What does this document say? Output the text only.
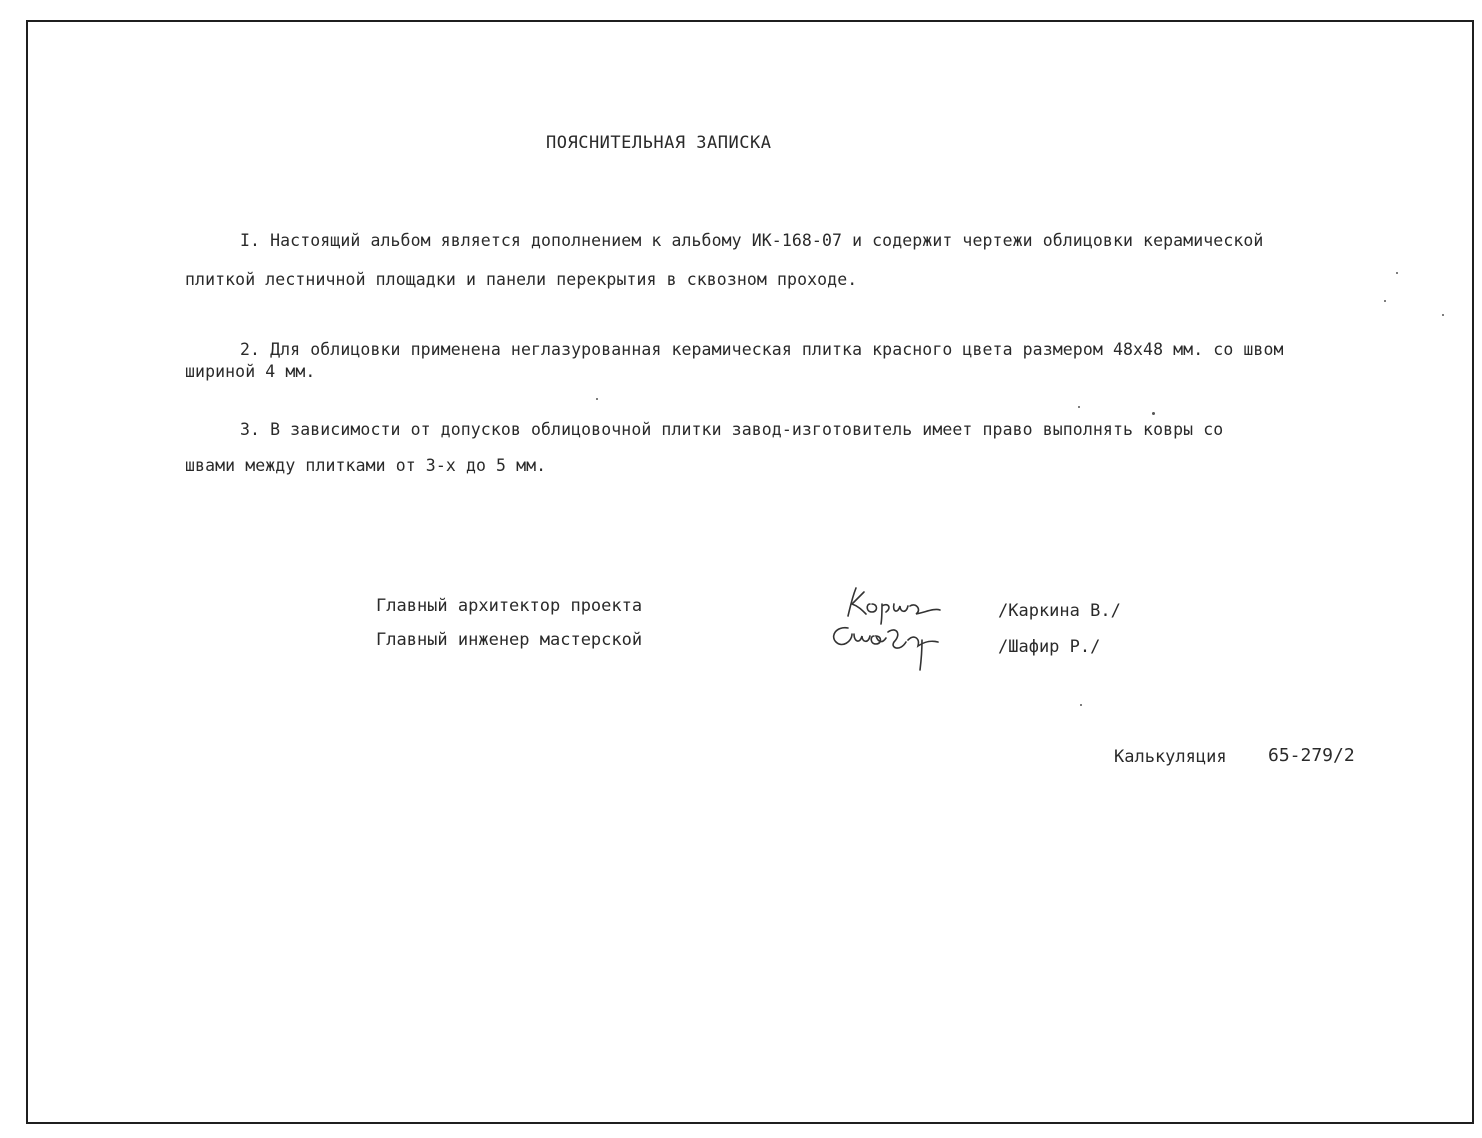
ПОЯСНИТЕЛЬНАЯ ЗАПИСКА
I. Настоящий альбом является дополнением к альбому ИК-168-07 и содержит чертежи облицовки керамической
плиткой лестничной площадки и панели перекрытия в сквозном проходе.
2. Для облицовки применена неглазурованная керамическая плитка красного цвета размером 48х48 мм. со швом
шириной 4 мм.
3. В зависимости от допусков облицовочной плитки завод-изготовитель имеет право выполнять ковры со
швами между плитками от 3-х до 5 мм.
Главный архитектор проекта
Главный инженер мастерской
/Каркина В./
/Шафир Р./
Калькуляция 65-279/2
